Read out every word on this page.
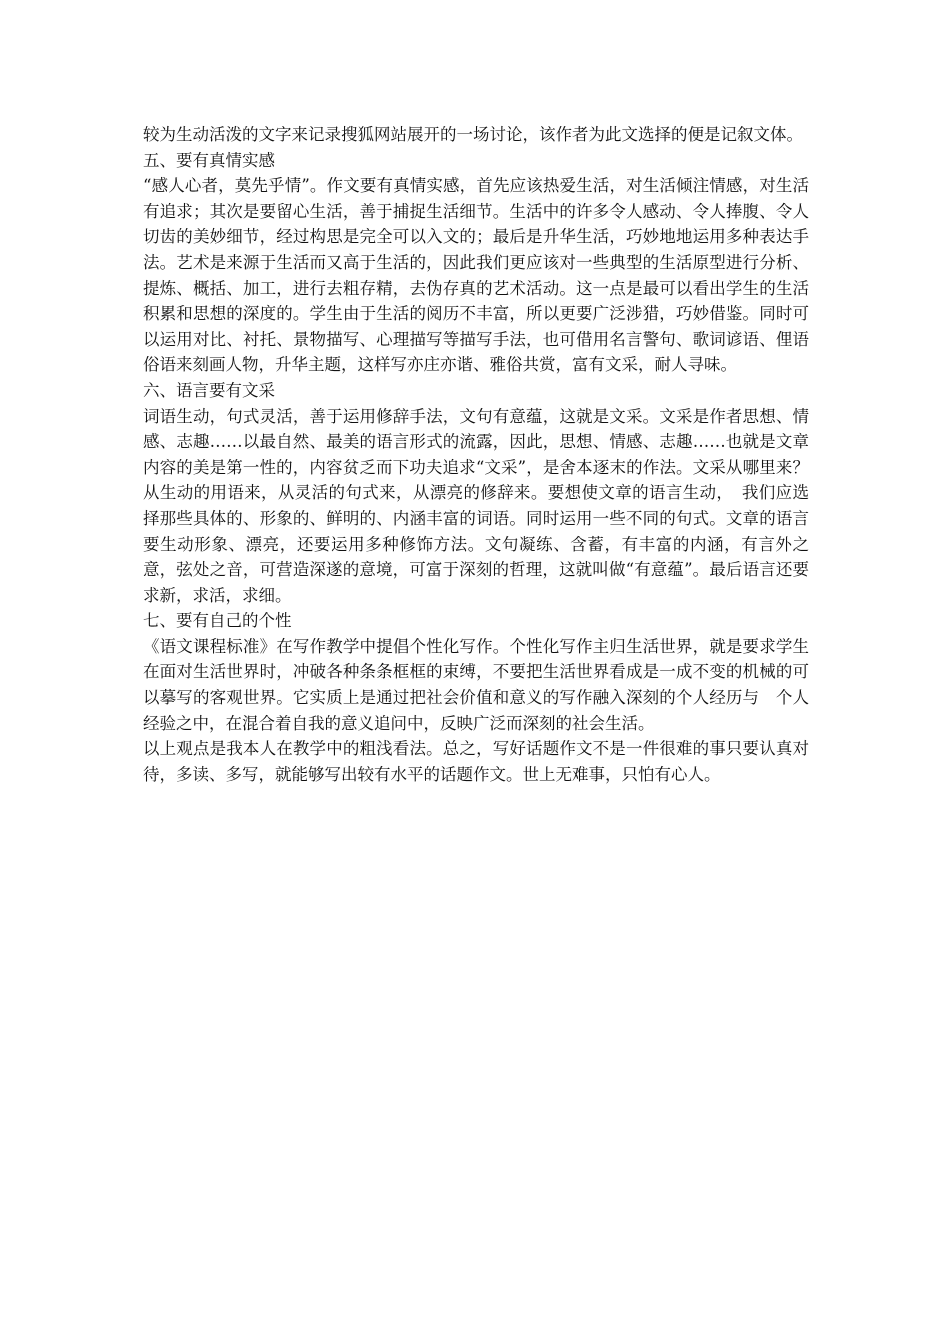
较为生动活泼的文字来记录搜狐网站展开的一场讨论，该作者为此文选择的便是记叙文体。

五、要有真情实感

“感人心者，莫先乎情”。作文要有真情实感，首先应该热爱生活，对生活倾注情感，对生活有追求；其次是要留心生活，善于捕捉生活细节。生活中的许多令人感动、令人捧腹、令人切齿的美妙细节，经过构思是完全可以入文的；最后是升华生活，巧妙地地运用多种表达手法。艺术是来源于生活而又高于生活的，因此我们更应该对一些典型的生活原型进行分析、提炼、概括、加工，进行去粗存精，去伪存真的艺术活动。这一点是最可以看出学生的生活积累和思想的深度的。学生由于生活的阅历不丰富，所以更要广泛涉猎，巧妙借鉴。同时可以运用对比、衬托、景物描写、心理描写等描写手法，也可借用名言警句、歌词谚语、俚语俗语来刻画人物，升华主题，这样写亦庄亦谐、雅俗共赏，富有文采，耐人寻味。

六、语言要有文采

词语生动，句式灵活，善于运用修辞手法，文句有意蕴，这就是文采。文采是作者思想、情感、志趣……以最自然、最美的语言形式的流露，因此，思想、情感、志趣……也就是文章内容的美是第一性的，内容贫乏而下功夫追求“文采”，是舍本逐末的作法。文采从哪里来？从生动的用语来，从灵活的句式来，从漂亮的修辞来。要想使文章的语言生动，　我们应选择那些具体的、形象的、鲜明的、内涵丰富的词语。同时运用一些不同的句式。文章的语言要生动形象、漂亮，还要运用多种修饰方法。文句凝练、含蓄，有丰富的内涵，有言外之意，弦处之音，可营造深遂的意境，可富于深刻的哲理，这就叫做“有意蕴”。最后语言还要求新，求活，求细。

七、要有自己的个性

《语文课程标准》在写作教学中提倡个性化写作。个性化写作主归生活世界，就是要求学生在面对生活世界时，冲破各种条条框框的束缚，不要把生活世界看成是一成不变的机械的可以摹写的客观世界。它实质上是通过把社会价值和意义的写作融入深刻的个人经历与　个人经验之中，在混合着自我的意义追问中，反映广泛而深刻的社会生活。

以上观点是我本人在教学中的粗浅看法。总之，写好话题作文不是一件很难的事只要认真对待，多读、多写，就能够写出较有水平的话题作文。世上无难事，只怕有心人。
